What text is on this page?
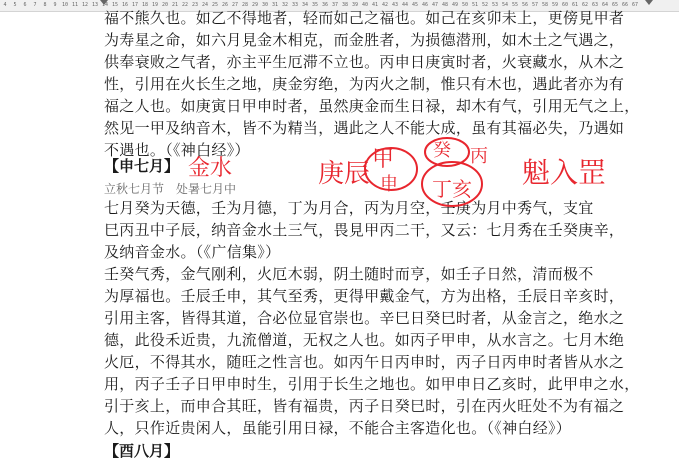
4	5	6	7	8	9	10 11 12 13 14 15 16 17 18 19 20 21 22 23 24 25 26 27 28 29 30 31 32 33 34 35 36 37 38 39 40 41 42 43 44 45 46 47 48 49 50 51 52 53 54 55 56 57 58 59 60 61 62 63 64 65 66 67
福不熊久也。如乙不得地者，轻而如己之福也。如己在亥卯未上，更傍見甲者
为寿星之命，如六月見金木相克，而金胜者，为损德潜刑，如木土之气遇之，
供奉衰败之气者，亦主平生厄滞不立也。丙申日庚寅时者，火衰藏水，从木之
性，引用在火长生之地，庚金穷绝，为丙火之制，惟只有木也，遇此者亦为有
福之人也。如庚寅日甲申时者，虽然庚金而生日禄，却木有气，引用无气之上，
然见一甲及纳音木，皆不为精当，遇此之人不能大成，虽有其福必失，乃遇如
不遇也。（《神白经》）
【申七月】
立秋七月节　处暑七月中
七月癸为天德，壬为月德，丁为月合，丙为月空，壬庚为月中秀气，支宜
巳丙丑中子辰，纳音金水土三气，畏見甲丙二干，又云：七月秀在壬癸庚辛，
及纳音金水。（《广信集》）
壬癸气秀，金气刚利，火厄木弱，阴土随时而亨，如壬子日然，清而极不
为厚福也。壬辰壬申，其气至秀，更得甲戴金气，方为出格，壬辰日辛亥时，
引用主客，皆得其道，合必位显官崇也。辛巳日癸巳时者，从金言之，绝水之
德，此役禾近贵，九流僧道，无权之人也。如丙子甲申，从水言之。七月木绝
火厄，不得其水，随旺之性言也。如丙午日丙申时，丙子日丙申时者皆从水之
用，丙子壬子日甲申时生，引用于长生之地也。如甲申日乙亥时，此甲申之水，
引于亥上，而申合其旺，皆有福贵，丙子日癸巳时，引在丙火旺处不为有福之
人，只作近贵闲人，虽能引用日禄，不能合主客造化也。（《神白经》）
【酉八月】
金水	庚辰 甲
申
癸 丙
丁亥 魁入罡
